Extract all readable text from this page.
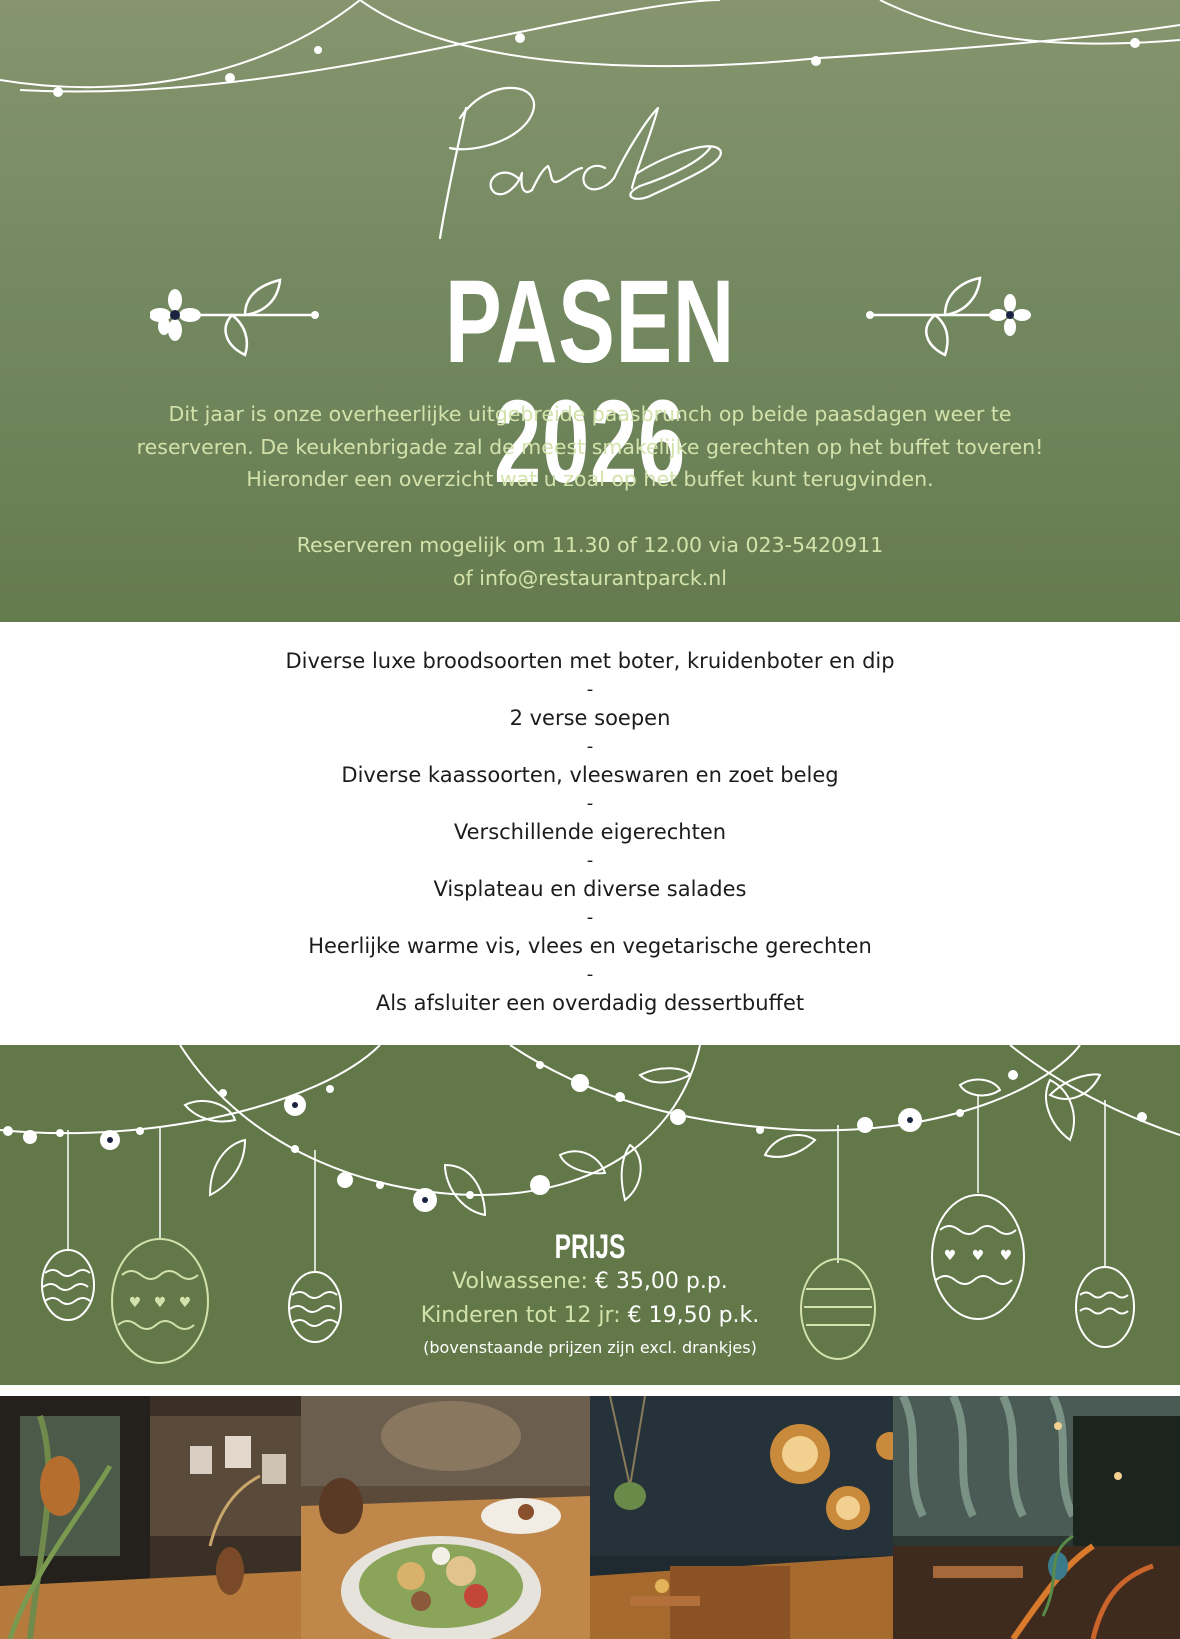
PASEN 2026

Dit jaar is onze overheerlijke uitgebreide paasbrunch op beide paasdagen weer te

reserveren. De keukenbrigade zal de meest smakelijke gerechten op het buffet toveren!

Hieronder een overzicht wat u zoal op het buffet kunt terugvinden.

Reserveren mogelijk om 11.30 of 12.00 via 023-5420911

of info@restaurantparck.nl

Diverse luxe broodsoorten met boter, kruidenboter en dip
-
2 verse soepen
-
Diverse kaassoorten, vleeswaren en zoet beleg
-
Verschillende eigerechten
-
Visplateau en diverse salades
-
Heerlijke warme vis, vlees en vegetarische gerechten
-
Als afsluiter een overdadig dessertbuffet
♥ ♥ ♥
♥ ♥ ♥
PRIJS
Volwassene: € 35,00 p.p.
Kinderen tot 12 jr: € 19,50 p.k.
(bovenstaande prijzen zijn excl. drankjes)
